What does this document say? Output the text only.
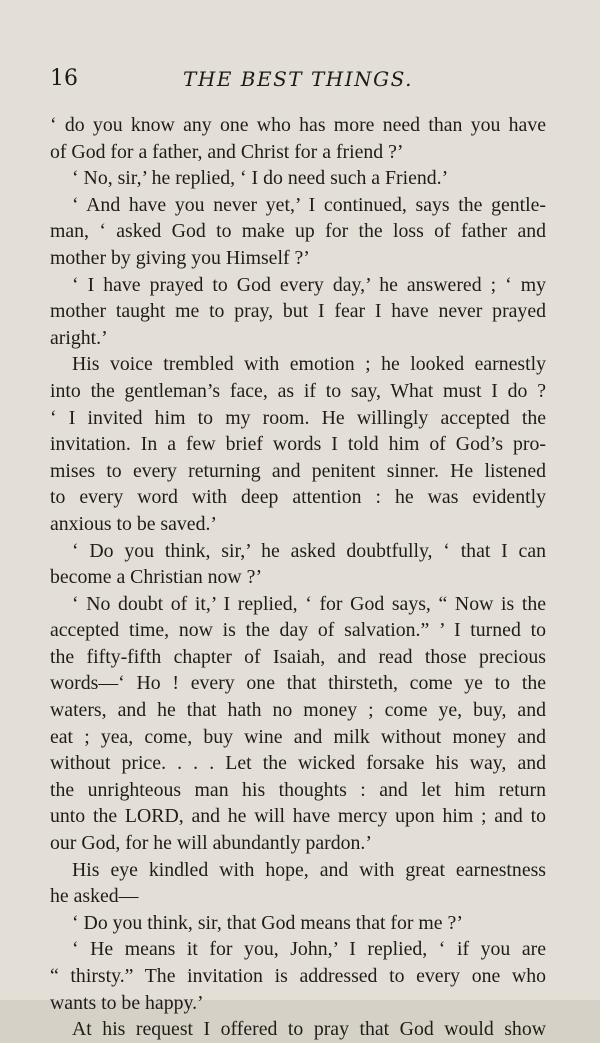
16	THE BEST THINGS.
‘ do you know any one who has more need than you have
of God for a father, and Christ for a friend ?’
‘ No, sir,’ he replied, ‘ I do need such a Friend.’
‘ And have you never yet,’ I continued, says the gentle-
man, ‘ asked God to make up for the loss of father and
mother by giving you Himself ?’
‘ I have prayed to God every day,’ he answered ; ‘ my
mother taught me to pray, but I fear I have never prayed
aright.’
His voice trembled with emotion ; he looked earnestly
into the gentleman’s face, as if to say, What must I do ?
‘ I invited him to my room. He willingly accepted the
invitation. In a few brief words I told him of God’s pro-
mises to every returning and penitent sinner. He listened
to every word with deep attention : he was evidently
anxious to be saved.’
‘ Do you think, sir,’ he asked doubtfully, ‘ that I can
become a Christian now ?’
‘ No doubt of it,’ I replied, ‘ for God says, “ Now is the
accepted time, now is the day of salvation.” ’ I turned to
the fifty-fifth chapter of Isaiah, and read those precious
words—‘ Ho ! every one that thirsteth, come ye to the
waters, and he that hath no money ; come ye, buy, and
eat ; yea, come, buy wine and milk without money and
without price. . . . Let the wicked forsake his way, and
the unrighteous man his thoughts : and let him return
unto the LORD, and he will have mercy upon him ; and to
our God, for he will abundantly pardon.’
His eye kindled with hope, and with great earnestness
he asked—
‘ Do you think, sir, that God means that for me ?’
‘ He means it for you, John,’ I replied, ‘ if you are
“ thirsty.” The invitation is addressed to every one who
wants to be happy.’
At his request I offered to pray that God would show
